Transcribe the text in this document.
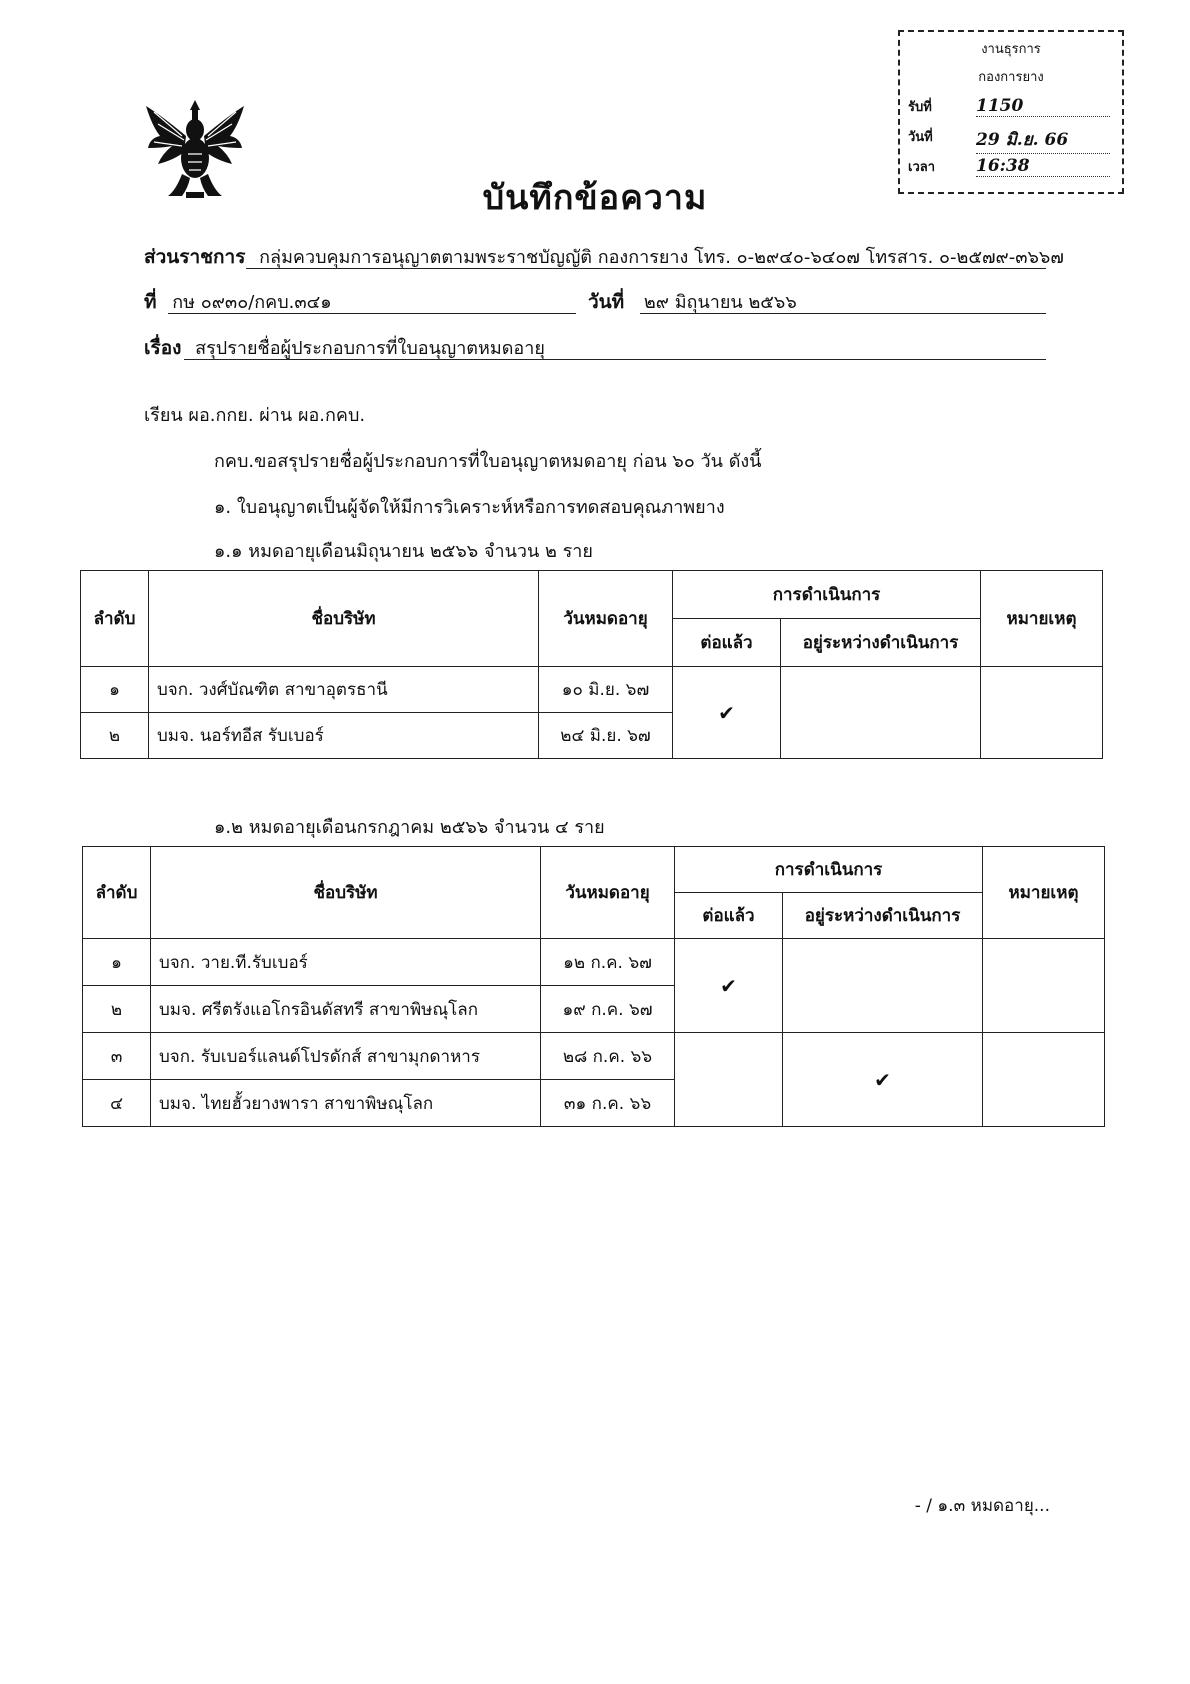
งานธุรการ
กองการยาง
รับที่	1150
วันที่	29 มิ.ย. 66
เวลา 16:38
บันทึกข้อความ
ส่วนราชการ กลุ่มควบคุมการอนุญาตตามพระราชบัญญัติ กองการยาง โทร. ๐-๒๙๔๐-๖๔๐๗ โทรสาร. ๐-๒๕๗๙-๓๖๖๗
ที่ กษ ๐๙๓๐/กคบ.๓๔๑	วันที่ ๒๙ มิถุนายน ๒๕๖๖
เรื่อง สรุปรายชื่อผู้ประกอบการที่ใบอนุญาตหมดอายุ
เรียน ผอ.กกย. ผ่าน ผอ.กคบ.
กคบ.ขอสรุปรายชื่อผู้ประกอบการที่ใบอนุญาตหมดอายุ ก่อน ๖๐ วัน ดังนี้
๑. ใบอนุญาตเป็นผู้จัดให้มีการวิเคราะห์หรือการทดสอบคุณภาพยาง
๑.๑ หมดอายุเดือนมิถุนายน ๒๕๖๖ จำนวน ๒ ราย
ลำดับ	ชื่อบริษัท	วันหมดอายุ	การดำเนินการ		หมายเหตุ
			ต่อแล้ว	อยู่ระหว่างดำเนินการ	
๑	บจก. วงศ์บัณฑิต สาขาอุตรธานี	๑๐ มิ.ย. ๖๗	✔		
๒	บมจ. นอร์ทอีส รับเบอร์	๒๔ มิ.ย. ๖๗			
๑.๒ หมดอายุเดือนกรกฎาคม ๒๕๖๖ จำนวน ๔ ราย
ลำดับ	ชื่อบริษัท	วันหมดอายุ	การดำเนินการ		หมายเหตุ
			ต่อแล้ว	อยู่ระหว่างดำเนินการ	
๑	บจก. วาย.ที.รับเบอร์	๑๒ ก.ค. ๖๗	✔		
๒	บมจ. ศรีตรังแอโกรอินดัสทรี สาขาพิษณุโลก	๑๙ ก.ค. ๖๗			
๓	บจก. รับเบอร์แลนด์โปรดักส์ สาขามุกดาหาร	๒๘ ก.ค. ๖๖		✔	
๔	บมจ. ไทยฮั้วยางพารา สาขาพิษณุโลก	๓๑ ก.ค. ๖๖			
- / ๑.๓ หมดอายุ...
